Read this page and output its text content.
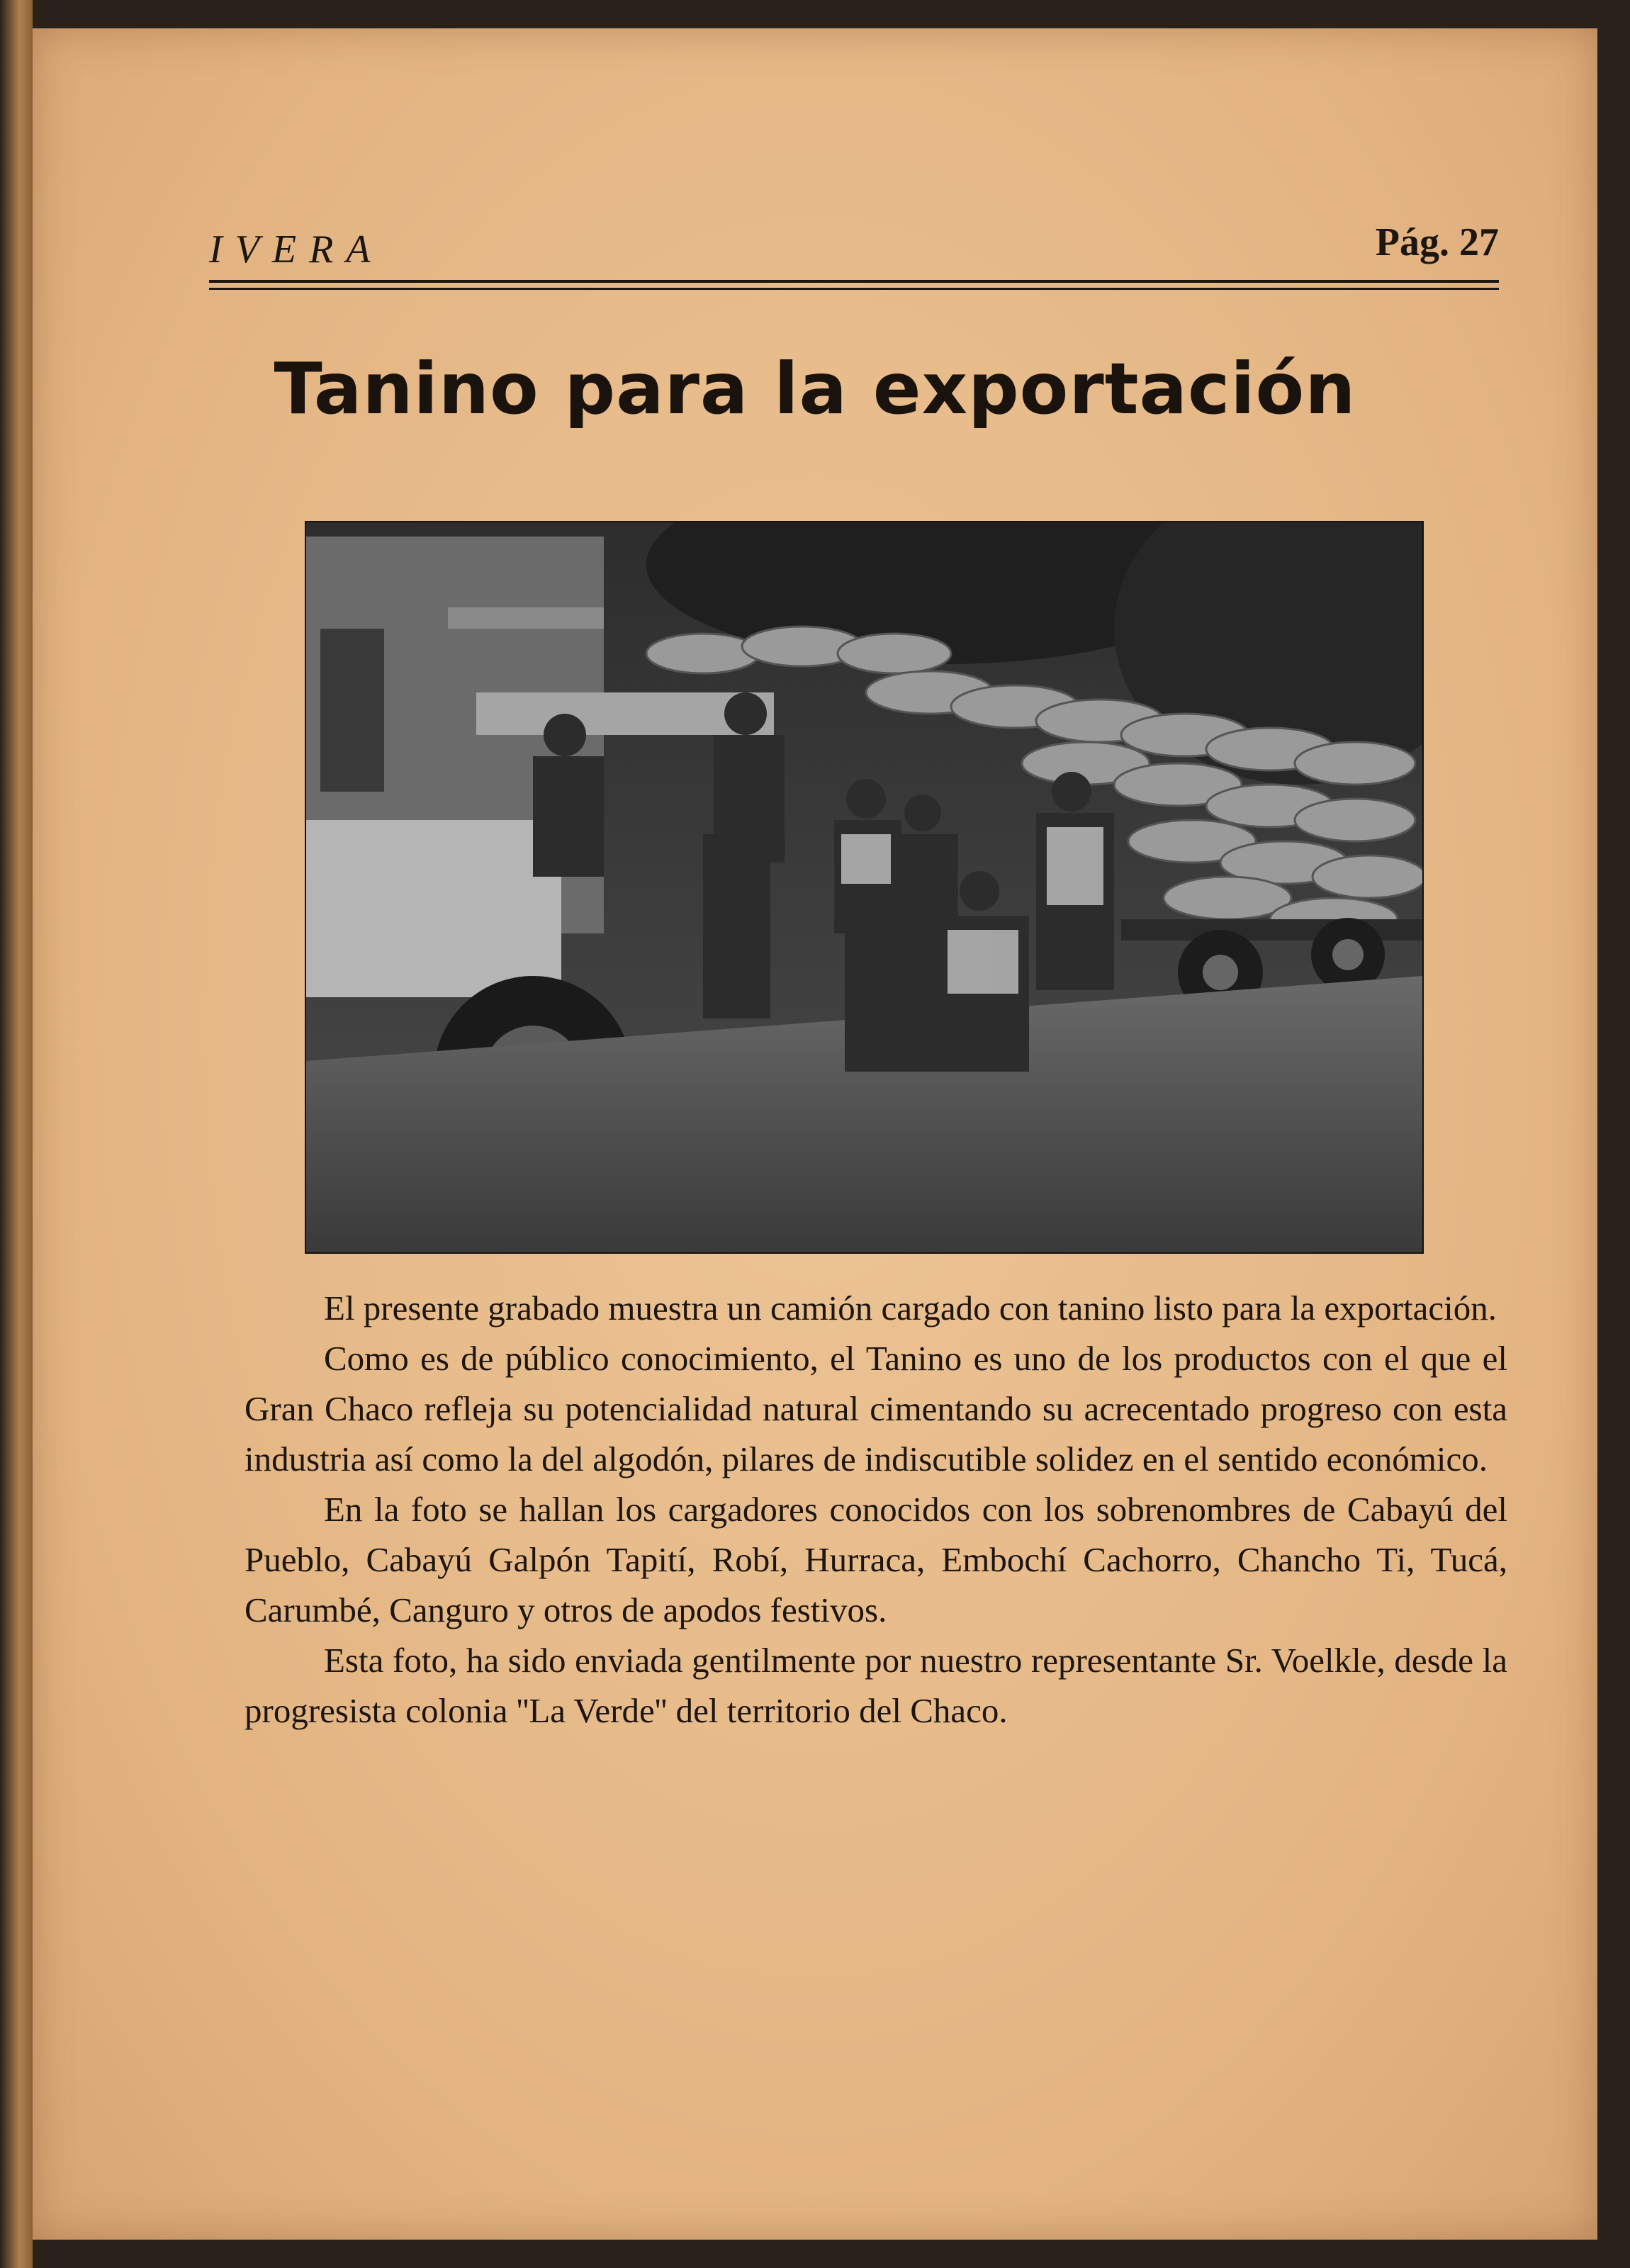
IVERA	Pág. 27
Tanino para la exportación

El presente grabado muestra un camión cargado con tanino listo para la exportación.

Como es de público conocimiento, el Tanino es uno de los productos con el que el Gran Chaco refleja su potencialidad natural cimentando su acrecentado progreso con esta industria así como la del algodón, pilares de indiscutible solidez en el sentido económico.

En la foto se hallan los cargadores conocidos con los sobrenombres de Cabayú del Pueblo, Cabayú Galpón Tapití, Robí, Hurraca, Embochí Cachorro, Chancho Ti, Tucá, Carumbé, Canguro y otros de apodos festivos.

Esta foto, ha sido enviada gentilmente por nuestro representante Sr. Voelkle, desde la progresista colonia ''La Verde'' del territorio del Chaco.
